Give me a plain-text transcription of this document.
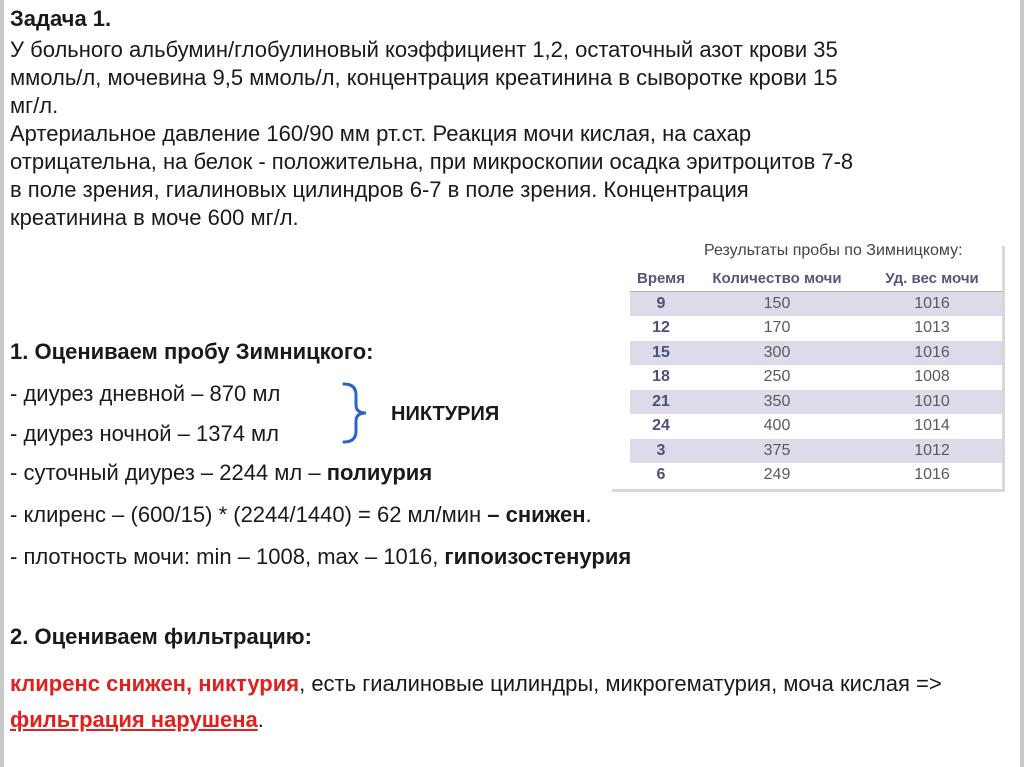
Задача 1.
У больного альбумин/глобулиновый коэффициент 1,2, остаточный азот крови 35
ммоль/л, мочевина 9,5 ммоль/л, концентрация креатинина в сыворотке крови 15
мг/л.
Артериальное давление 160/90 мм рт.ст. Реакция мочи кислая, на сахар
отрицательна, на белок - положительна, при микроскопии осадка эритроцитов 7-8
в поле зрения, гиалиновых цилиндров 6-7 в поле зрения. Концентрация
креатинина в моче 600 мг/л.
Результаты пробы по Зимницкому:
Время	Количество мочи	Уд. вес мочи
9	150	1016
12	170	1013
15	300	1016
18	250	1008
21	350	1010
24	400	1014
3	375	1012
6	249	1016
1. Оцениваем пробу Зимницкого:
- диурез дневной – 870 мл
- диурез ночной – 1374 мл
НИКТУРИЯ
- суточный диурез – 2244 мл – полиурия
- клиренс – (600/15) * (2244/1440) = 62 мл/мин – снижен.
- плотность мочи: min – 1008, max – 1016, гипоизостенурия
2. Оцениваем фильтрацию:
клиренс снижен, никтурия, есть гиалиновые цилиндры, микрогематурия, моча кислая => фильтрация нарушена.
